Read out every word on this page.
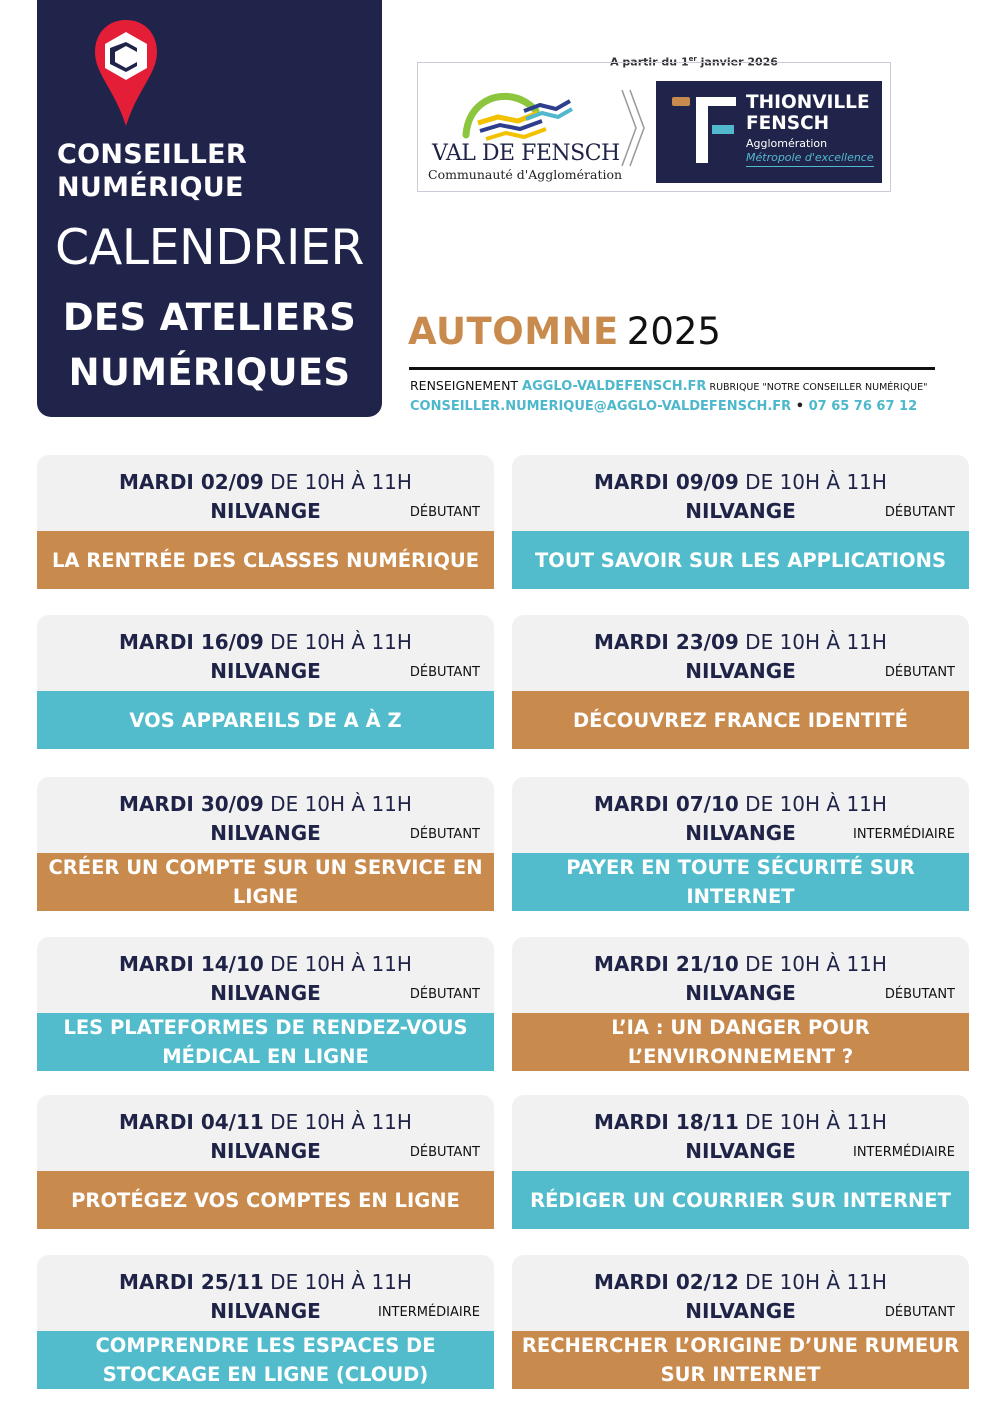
CONSEILLER
NUMÉRIQUE
CALENDRIER
DES ATELIERS
NUMÉRIQUES
A partir du 1er janvier 2026
VAL DE FENSCH
Communauté d'Agglomération
THIONVILLE
FENSCH
Agglomération
Métropole d'excellence
AUTOMNE 2025
RENSEIGNEMENT AGGLO-VALDEFENSCH.FR RUBRIQUE "NOTRE CONSEILLER NUMÉRIQUE"
CONSEILLER.NUMERIQUE@AGGLO-VALDEFENSCH.FR • 07 65 76 67 12
MARDI 02/09 DE 10H À 11H
NILVANGE	DÉBUTANT
LA RENTRÉE DES CLASSES NUMÉRIQUE
MARDI 09/09 DE 10H À 11H
NILVANGE	DÉBUTANT
TOUT SAVOIR SUR LES APPLICATIONS
MARDI 16/09 DE 10H À 11H
NILVANGE	DÉBUTANT
VOS APPAREILS DE A À Z
MARDI 23/09 DE 10H À 11H
NILVANGE	DÉBUTANT
DÉCOUVREZ FRANCE IDENTITÉ
MARDI 30/09 DE 10H À 11H
NILVANGE	DÉBUTANT
CRÉER UN COMPTE SUR UN SERVICE EN LIGNE
MARDI 07/10 DE 10H À 11H
NILVANGE	INTERMÉDIAIRE
PAYER EN TOUTE SÉCURITÉ SUR INTERNET
MARDI 14/10 DE 10H À 11H
NILVANGE	DÉBUTANT
LES PLATEFORMES DE RENDEZ-VOUS MÉDICAL EN LIGNE
MARDI 21/10 DE 10H À 11H
NILVANGE	DÉBUTANT
L’IA : UN DANGER POUR L’ENVIRONNEMENT ?
MARDI 04/11 DE 10H À 11H
NILVANGE	DÉBUTANT
PROTÉGEZ VOS COMPTES EN LIGNE
MARDI 18/11 DE 10H À 11H
NILVANGE	INTERMÉDIAIRE
RÉDIGER UN COURRIER SUR INTERNET
MARDI 25/11 DE 10H À 11H
NILVANGE	INTERMÉDIAIRE
COMPRENDRE LES ESPACES DE STOCKAGE EN LIGNE (CLOUD)
MARDI 02/12 DE 10H À 11H
NILVANGE	DÉBUTANT
RECHERCHER L’ORIGINE D’UNE RUMEUR SUR INTERNET
